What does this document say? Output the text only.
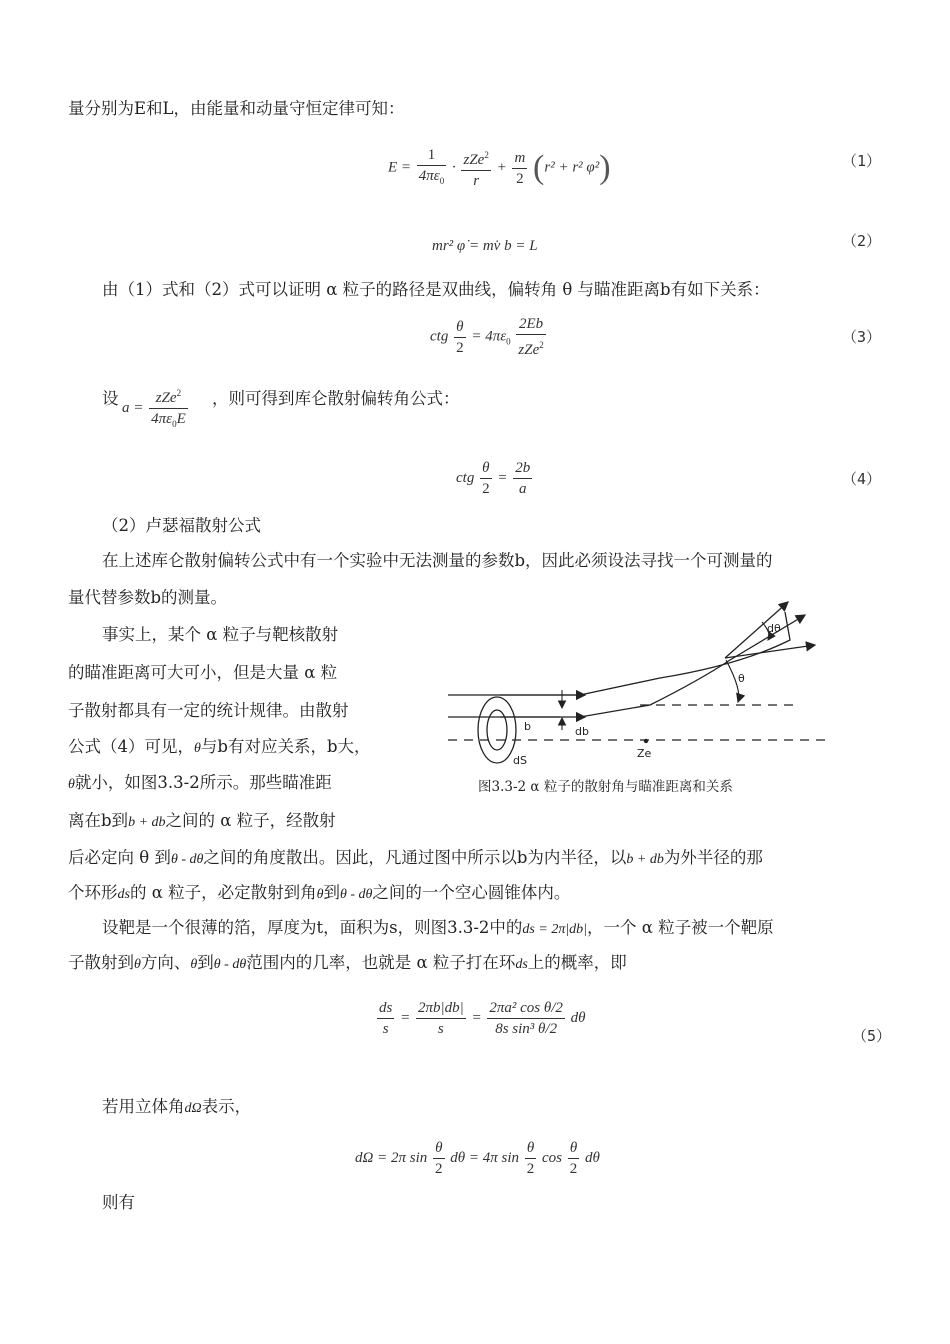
量分别为E和L，由能量和动量守恒定律可知：
$E = \frac{1}{4\pi\varepsilon_0} \cdot \frac{zZe^2}{r} + \frac{m}{2} (r^2 + r^2$ φ²)	（1）
mr² φ̇ = mv̇ b = L	（2）
由（1）式和（2）式可以证明 α 粒子的路径是双曲线，偏转角 θ 与瞄准距离b有如下关系：
ctg $\frac{\theta}{2} = 4\pi\varepsilon_0 \frac{2Eb}{zZe^2}$	（3）
设 $a = \frac{zZe^2}{4\pi\varepsilon_0E}$ ，则可得到库仑散射偏转角公式：
ctg $\frac{\theta}{2} = \frac{2b}{a}$	（4）
（2）卢瑟福散射公式
在上述库仑散射偏转公式中有一个实验中无法测量的参数b，因此必须设法寻找一个可测量的
量代替参数b的测量。
事实上，某个 α 粒子与靶核散射
的瞄准距离可大可小，但是大量 α 粒
子散射都具有一定的统计规律。由散射
公式（4）可见，θ与b有对应关系，b大，
θ就小，如图3.3-2所示。那些瞄准距
离在b到b + db之间的 α 粒子，经散射
dθ
θ
b	db
dS
Ze
图3.3-2 α 粒子的散射角与瞄准距离和关系
后必定向 θ 到θ - dθ之间的角度散出。因此，凡通过图中所示以b为内半径，以b + db为外半径的那
个环形ds的 α 粒子，必定散射到角θ到θ - dθ之间的一个空心圆锥体内。
设靶是一个很薄的箔，厚度为t，面积为s，则图3.3-2中的ds = 2π|db|，一个 α 粒子被一个靶原
子散射到θ方向、θ到θ - dθ范围内的几率，也就是 α 粒子打在环ds上的概率，即
$\frac{ds}{s} = \frac{2\pi b|db|}{s} = \frac{\text{2πa² cos θ/2}}{\text{8s sin³ θ/2}}$ dθ
（5）
若用立体角dΩ表示，
dΩ = 2π $\sin \frac{\theta}{2}$ dθ = 4π $\sin \frac{\theta}{2}$ $\cos \frac{\theta}{2}$ dθ
则有
